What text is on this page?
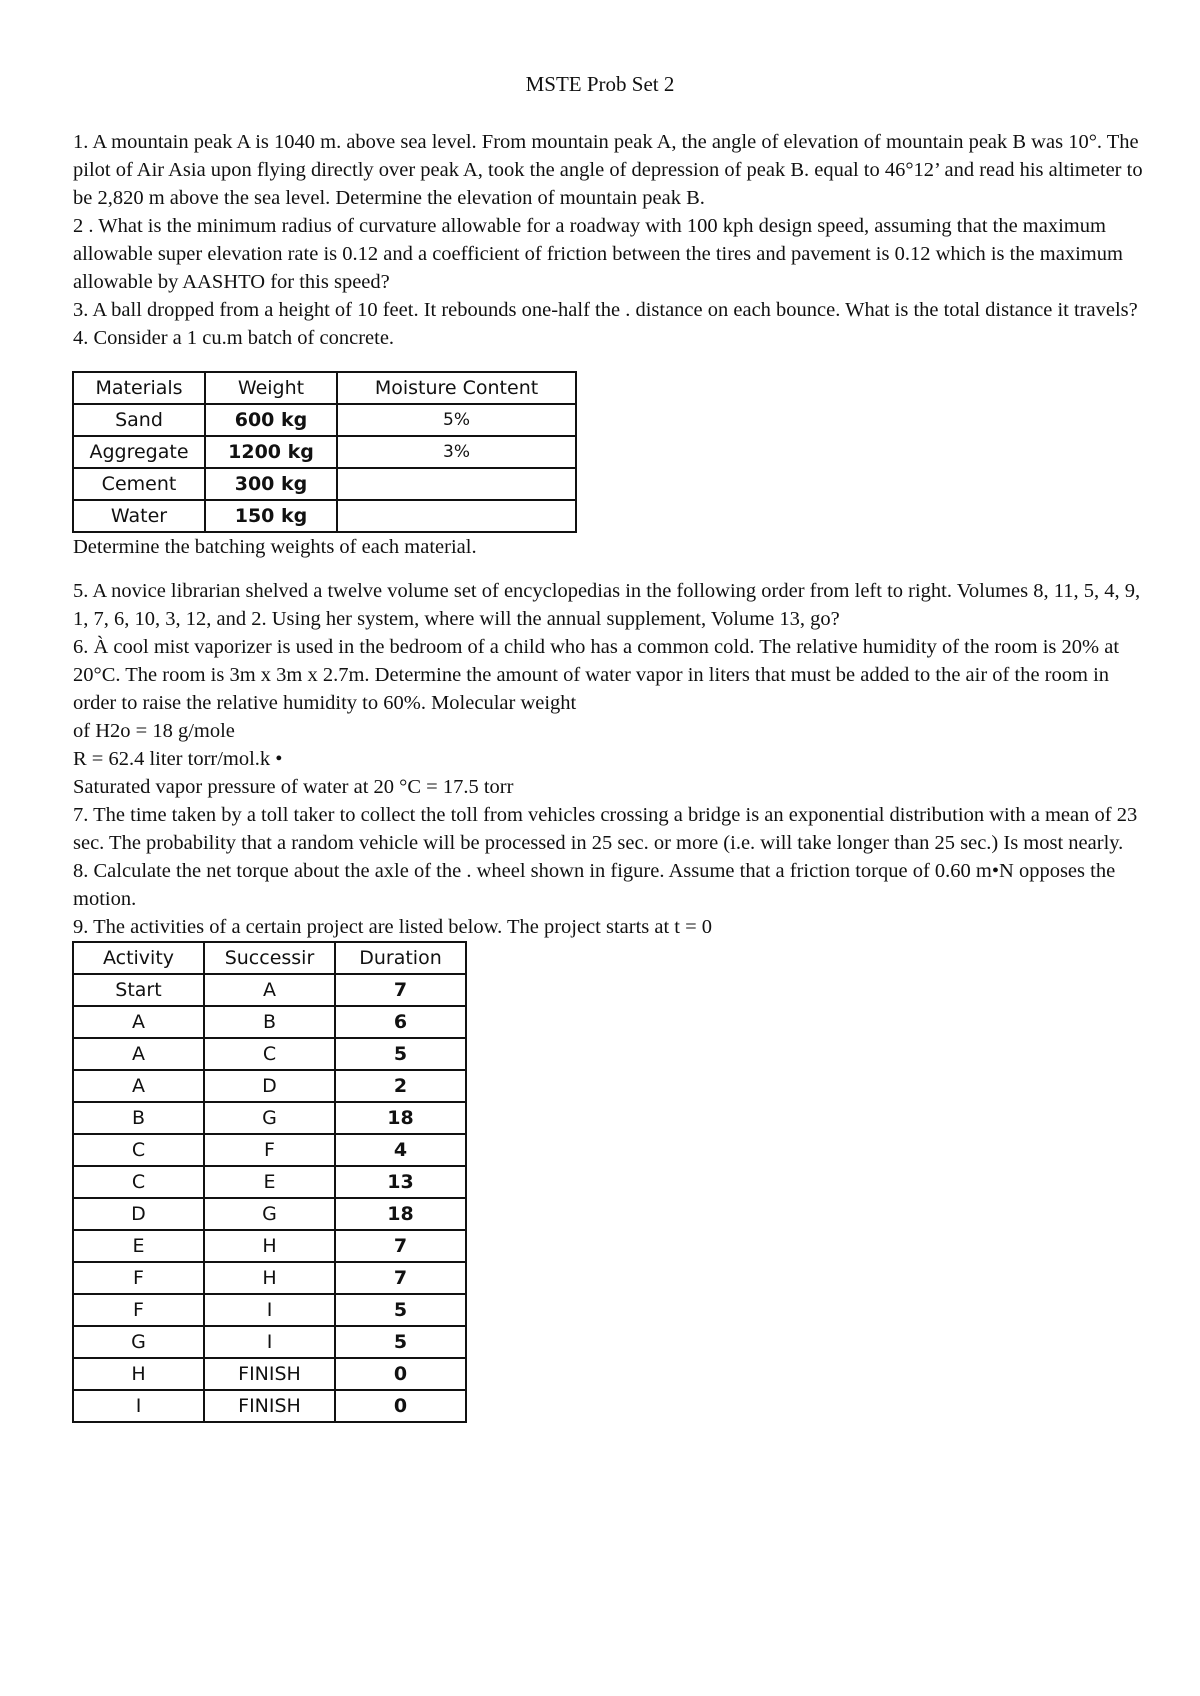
MSTE Prob Set 2

1. A mountain peak A is 1040 m. above sea level. From mountain peak A, the angle of elevation of mountain peak B was 10°. The pilot of Air Asia upon flying directly over peak A, took the angle of depression of peak B. equal to 46°12’ and read his altimeter to be 2,820 m above the sea level. Determine the elevation of mountain peak B.

2 . What is the minimum radius of curvature allowable for a roadway with 100 kph design speed, assuming that the maximum allowable super elevation rate is 0.12 and a coefficient of friction between the tires and pavement is 0.12 which is the maximum allowable by AASHTO for this speed?

3. A ball dropped from a height of 10 feet. It rebounds one-half the . distance on each bounce. What is the total distance it travels?

4. Consider a 1 cu.m batch of concrete.

Materials	Weight	Moisture Content
Sand	600 kg	5%
Aggregate	1200 kg	3%
Cement	300 kg	
Water	150 kg	

Determine the batching weights of each material.

5. A novice librarian shelved a twelve volume set of encyclopedias in the following order from left to right. Volumes 8, 11, 5, 4, 9, 1, 7, 6, 10, 3, 12, and 2. Using her system, where will the annual supplement, Volume 13, go?

6. À cool mist vaporizer is used in the bedroom of a child who has a common cold. The relative humidity of the room is 20% at 20°C. The room is 3m x 3m x 2.7m. Determine the amount of water vapor in liters that must be added to the air of the room in order to raise the relative humidity to 60%. Molecular weight

of H2o = 18 g/mole

R = 62.4 liter torr/mol.k •

Saturated vapor pressure of water at 20 °C = 17.5 torr

7. The time taken by a toll taker to collect the toll from vehicles crossing a bridge is an exponential distribution with a mean of 23 sec. The probability that a random vehicle will be processed in 25 sec. or more (i.e. will take longer than 25 sec.) Is most nearly.

8. Calculate the net torque about the axle of the . wheel shown in figure. Assume that a friction torque of 0.60 m•N opposes the motion.

9. The activities of a certain project are listed below. The project starts at t = 0

Activity	Successir	Duration
Start	A	7
A	B	6
A	C	5
A	D	2
B	G	18
C	F	4
C	E	13
D	G	18
E	H	7
F	H	7
F	I	5
G	I	5
H	FINISH	0
I	FINISH	0
